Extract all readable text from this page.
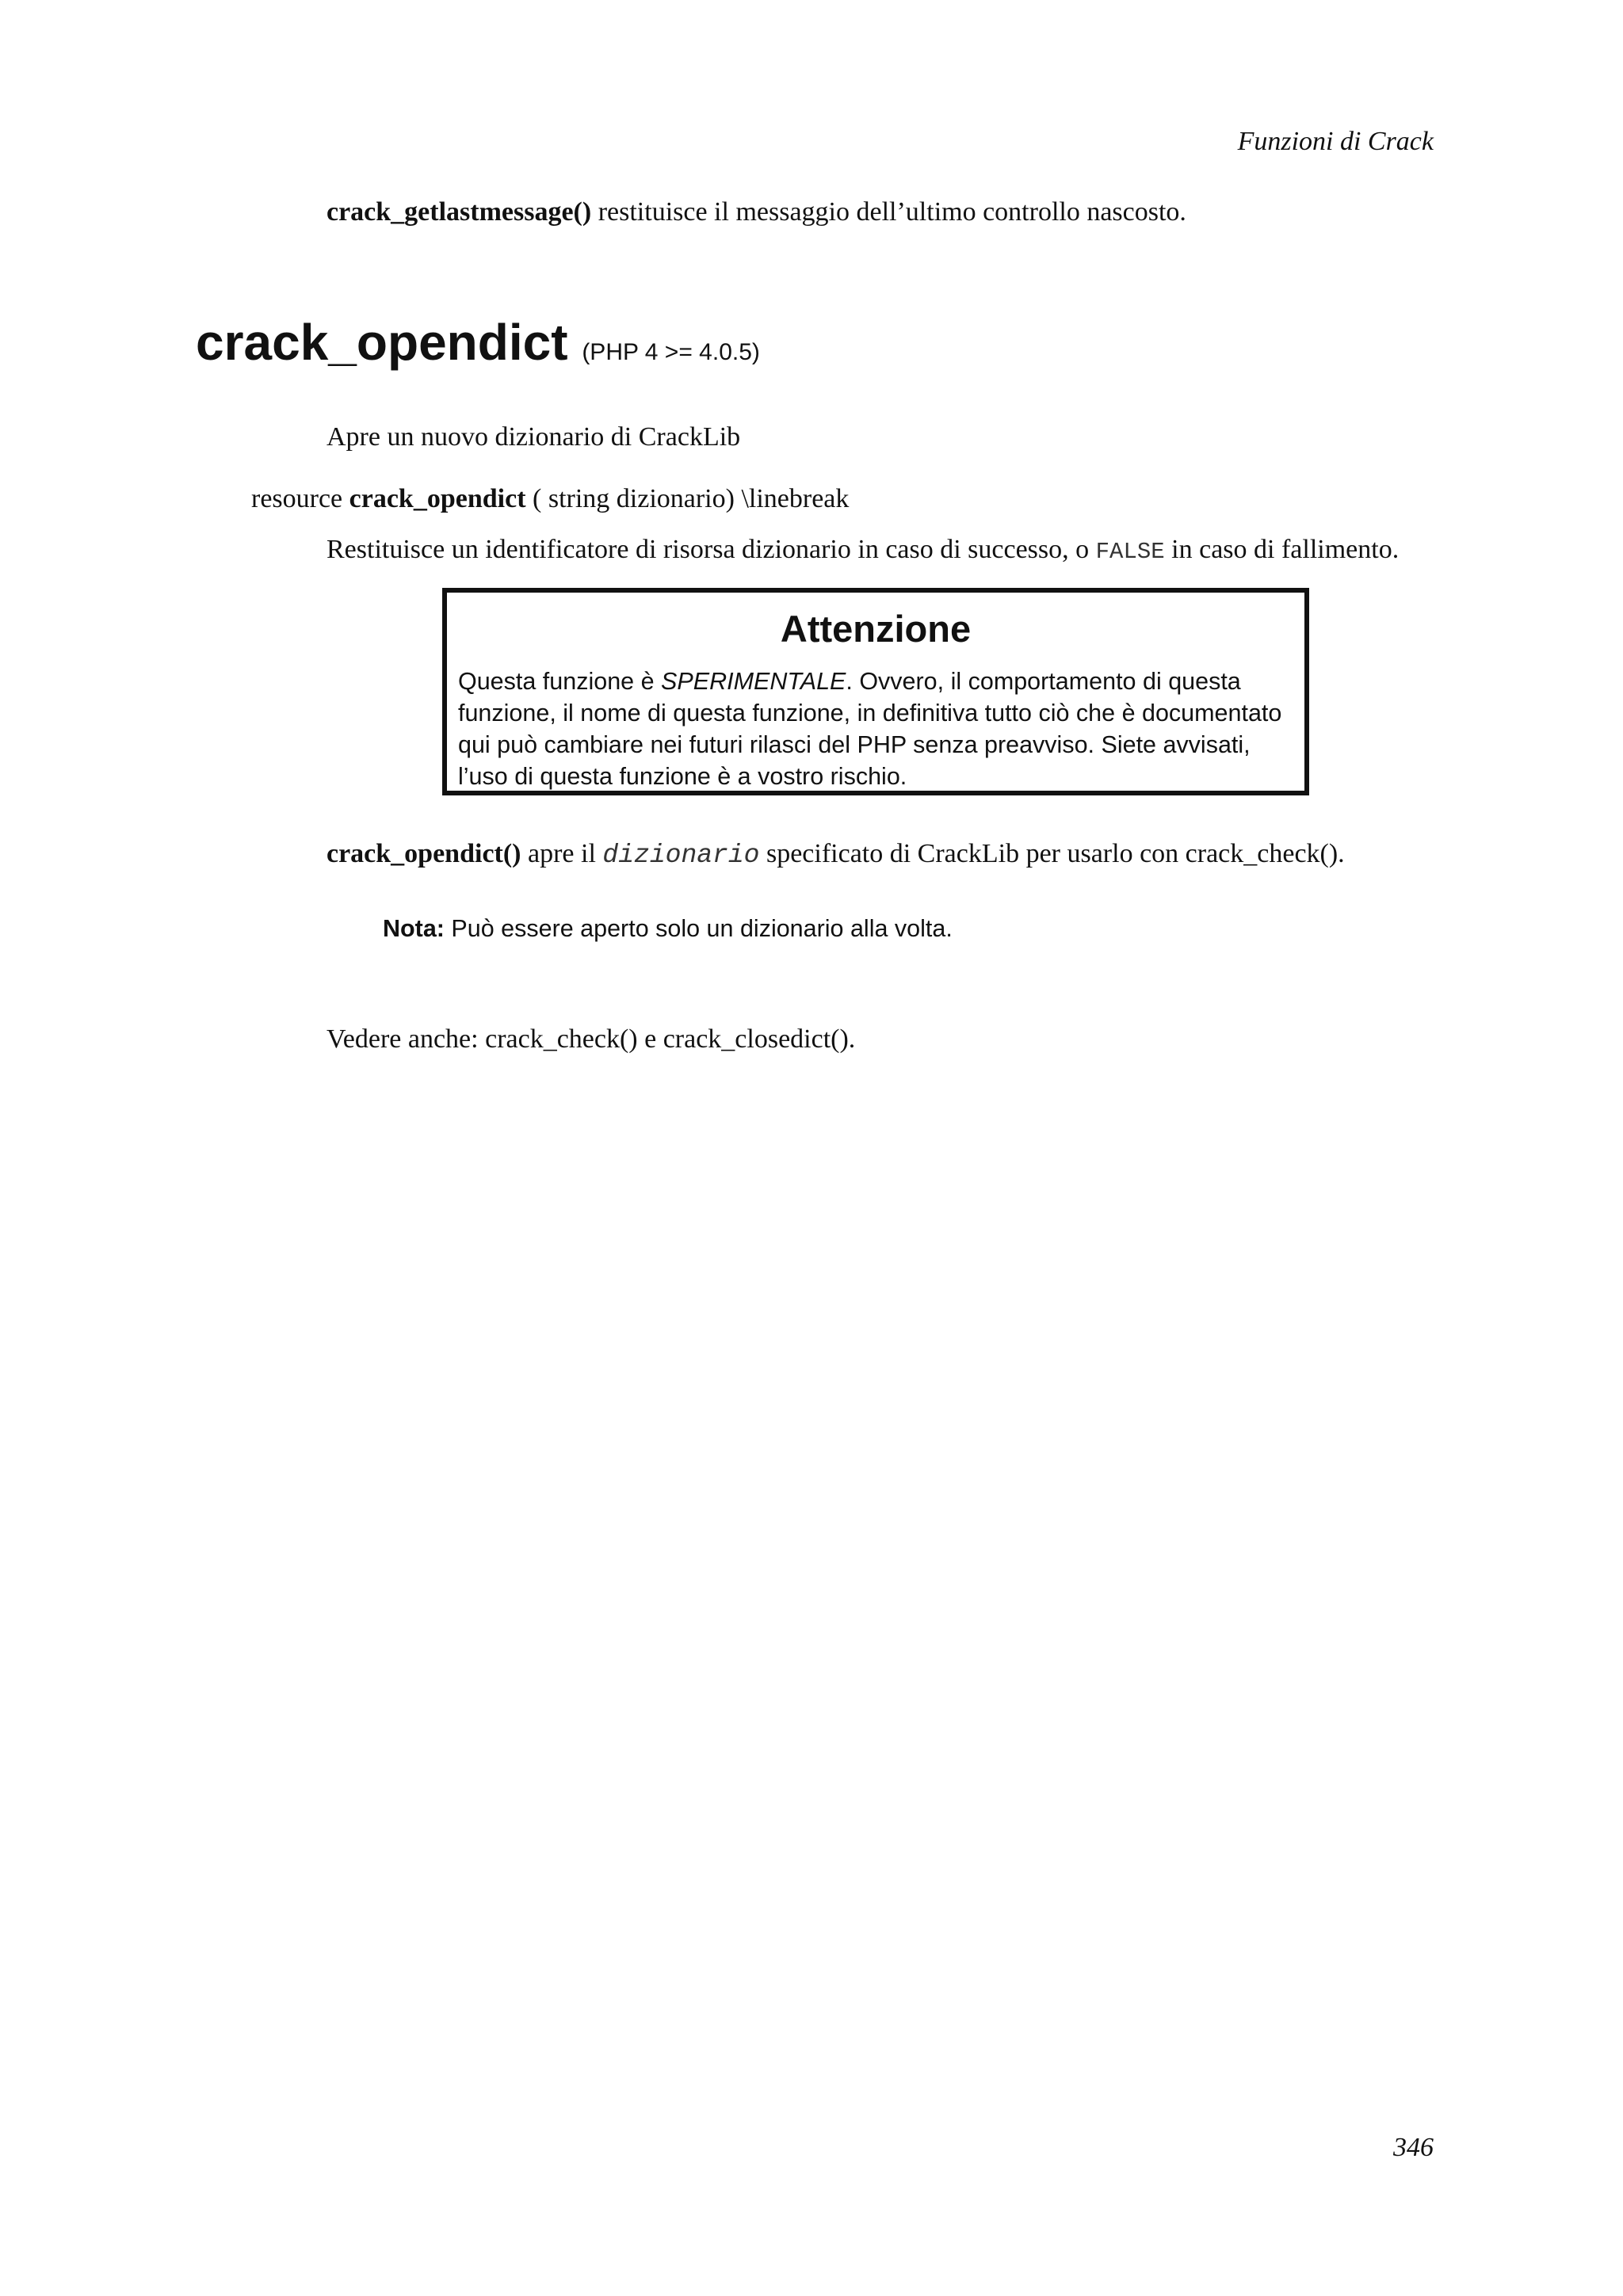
Funzioni di Crack
crack_getlastmessage() restituisce il messaggio dell’ultimo controllo nascosto.
crack_opendict (PHP 4 >= 4.0.5)
Apre un nuovo dizionario di CrackLib
resource crack_opendict ( string dizionario) \linebreak
Restituisce un identificatore di risorsa dizionario in caso di successo, o FALSE in caso di fallimento.
Attenzione
Questa funzione è SPERIMENTALE. Ovvero, il comportamento di questa funzione, il nome di questa funzione, in definitiva tutto ciò che è documentato qui può cambiare nei futuri rilasci del PHP senza preavviso. Siete avvisati, l’uso di questa funzione è a vostro rischio.
crack_opendict() apre il dizionario specificato di CrackLib per usarlo con crack_check().
Nota: Può essere aperto solo un dizionario alla volta.
Vedere anche: crack_check() e crack_closedict().
346
